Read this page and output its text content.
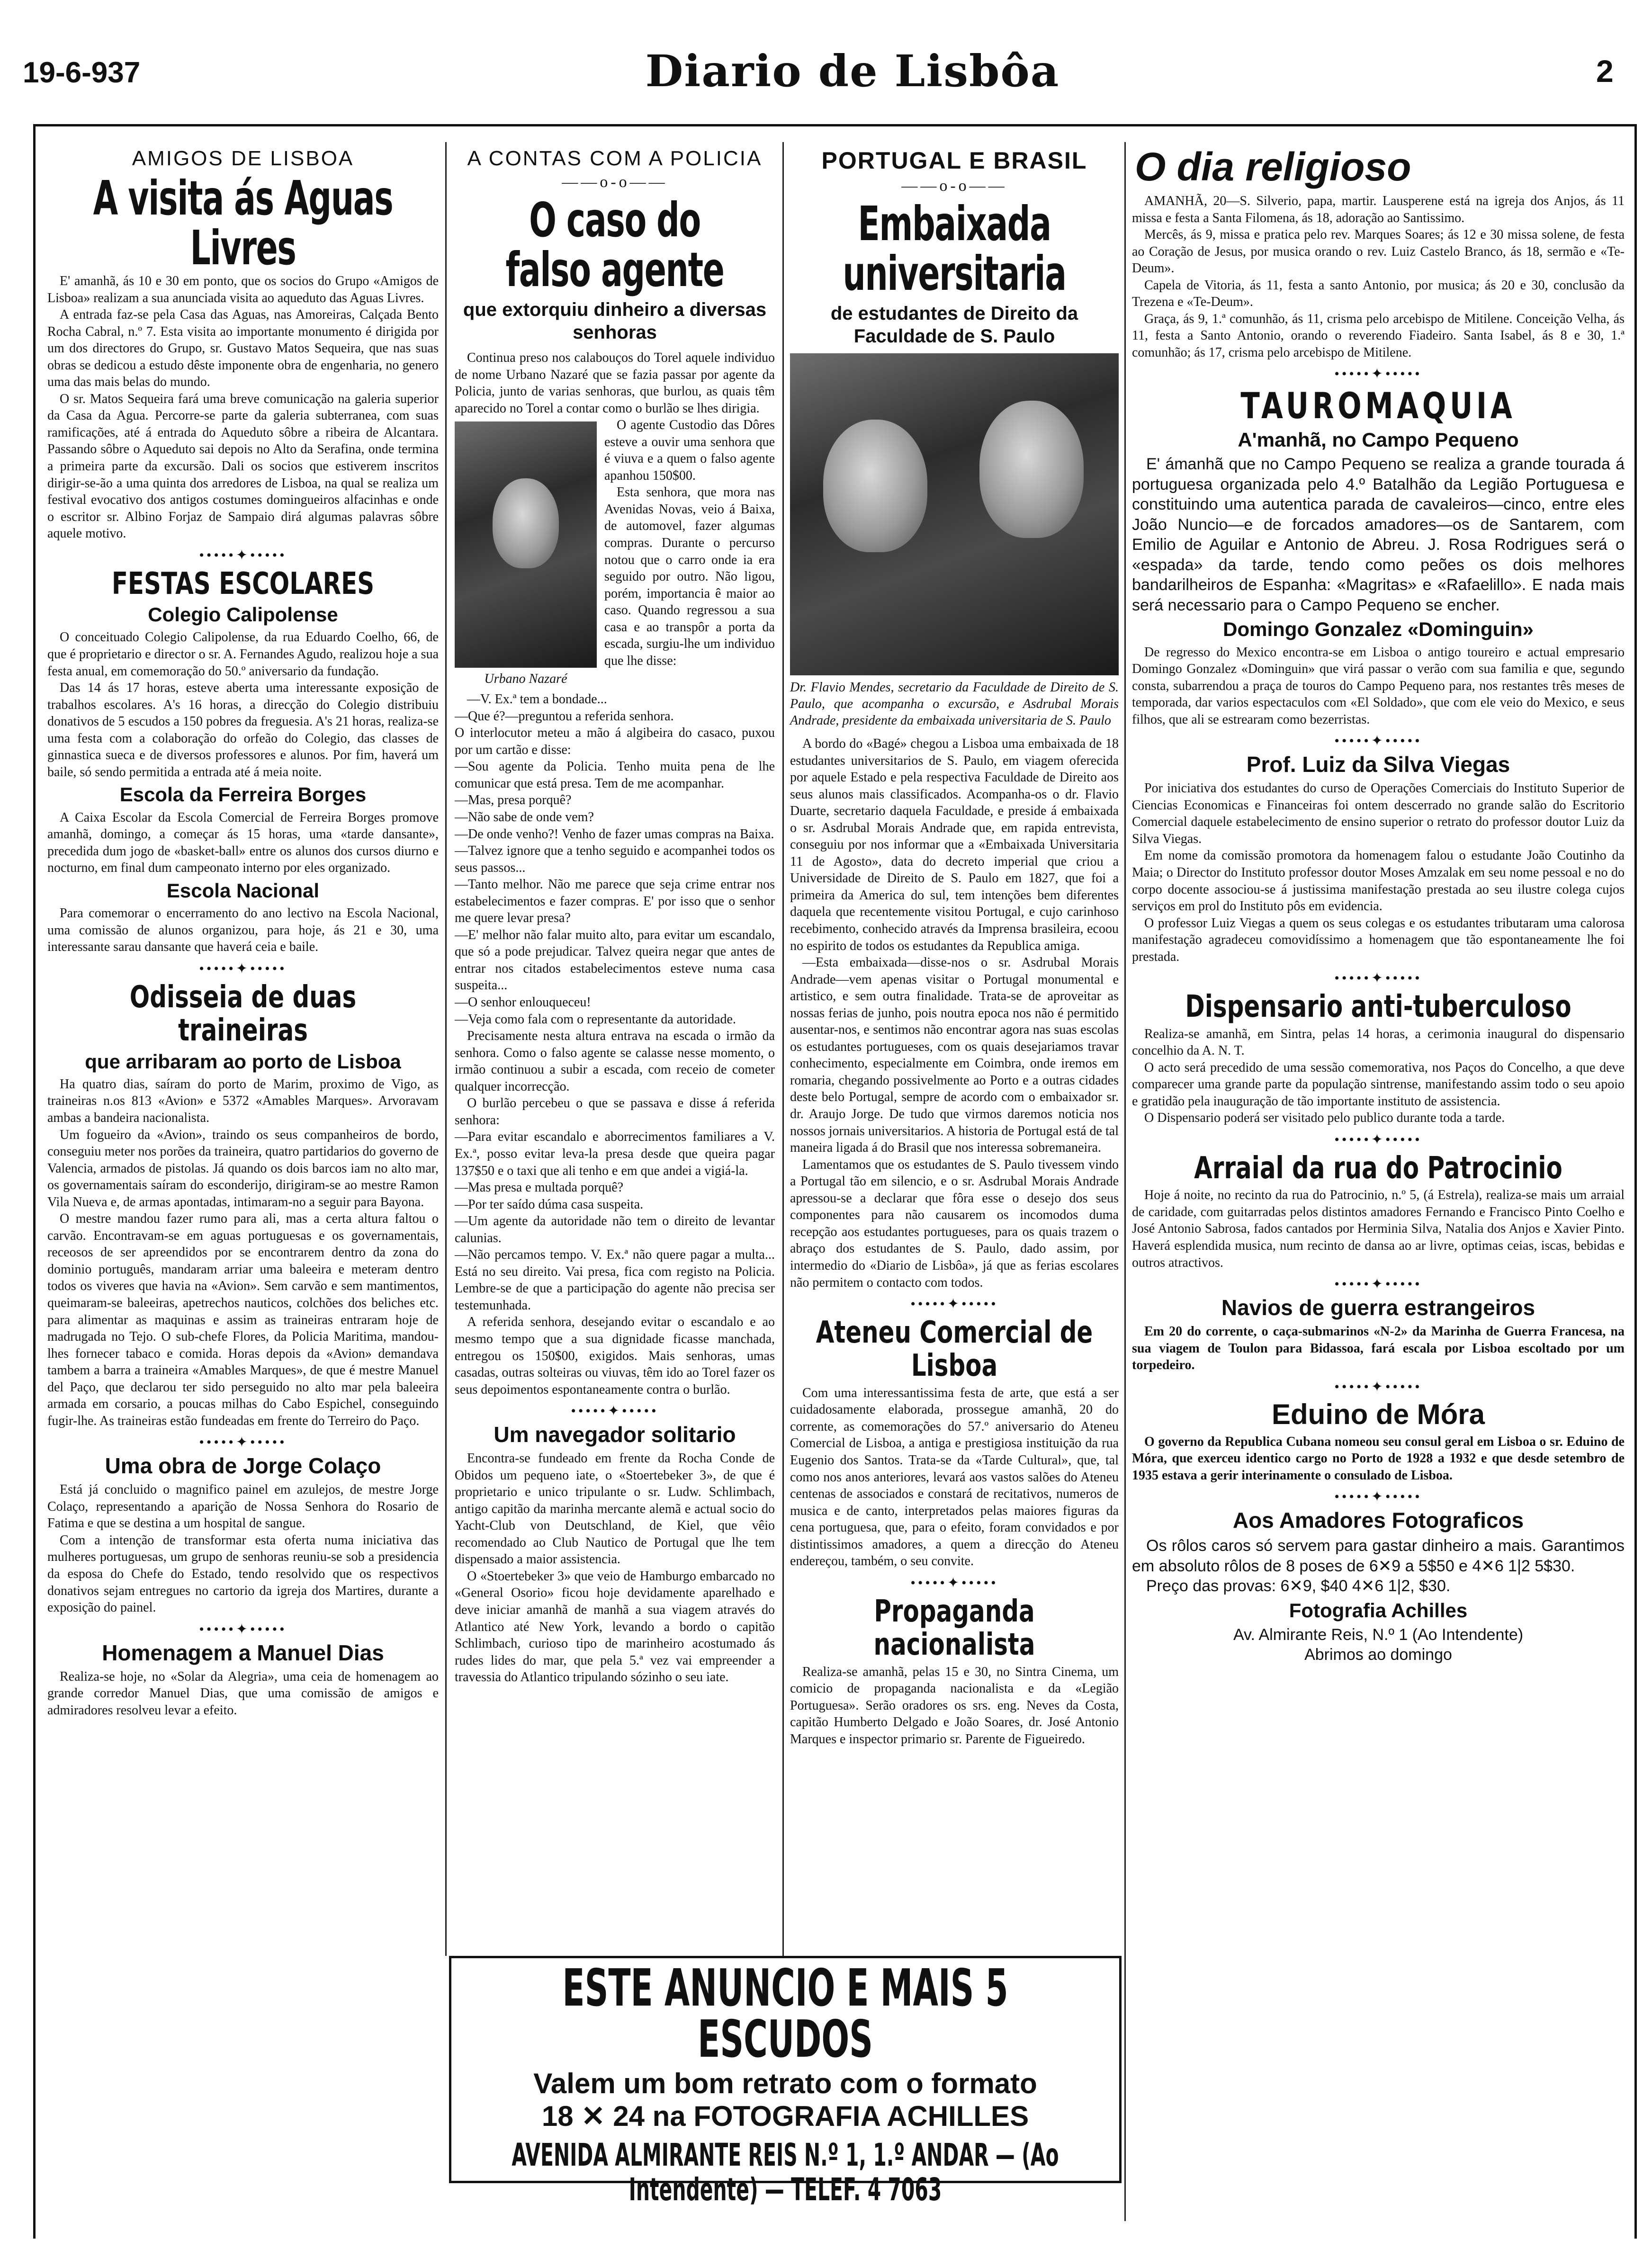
19-6-937	Diario de Lisbôa	2
AMIGOS DE LISBOA
A visita ás Aguas Livres

E' amanhã, ás 10 e 30 em ponto, que os socios do Grupo «Amigos de Lisboa» realizam a sua anunciada visita ao aqueduto das Aguas Livres.

A entrada faz-se pela Casa das Aguas, nas Amoreiras, Calçada Bento Rocha Cabral, n.º 7. Esta visita ao importante monumento é dirigida por um dos directores do Grupo, sr. Gustavo Matos Sequeira, que nas suas obras se dedicou a estudo dêste imponente obra de engenharia, no genero uma das mais belas do mundo.

O sr. Matos Sequeira fará uma breve comunicação na galeria superior da Casa da Agua. Percorre-se parte da galeria subterranea, com suas ramificações, até á entrada do Aqueduto sôbre a ribeira de Alcantara. Passando sôbre o Aqueduto sai depois no Alto da Serafina, onde termina a primeira parte da excursão. Dali os socios que estiverem inscritos dirigir-se-ão a uma quinta dos arredores de Lisboa, na qual se realiza um festival evocativo dos antigos costumes domingueiros alfacinhas e onde o escritor sr. Albino Forjaz de Sampaio dirá algumas palavras sôbre aquele motivo.

•••••✦•••••
FESTAS ESCOLARES
Colegio Calipolense

O conceituado Colegio Calipolense, da rua Eduardo Coelho, 66, de que é proprietario e director o sr. A. Fernandes Agudo, realizou hoje a sua festa anual, em comemoração do 50.º aniversario da fundação.

Das 14 ás 17 horas, esteve aberta uma interessante exposição de trabalhos escolares. A's 16 horas, a direcção do Colegio distribuiu donativos de 5 escudos a 150 pobres da freguesia. A's 21 horas, realiza-se uma festa com a colaboração do orfeão do Colegio, das classes de ginnastica sueca e de diversos professores e alunos. Por fim, haverá um baile, só sendo permitida a entrada até á meia noite.

Escola da Ferreira Borges

A Caixa Escolar da Escola Comercial de Ferreira Borges promove amanhã, domingo, a começar ás 15 horas, uma «tarde dansante», precedida dum jogo de «basket-ball» entre os alunos dos cursos diurno e nocturno, em final dum campeonato interno por eles organizado.

Escola Nacional

Para comemorar o encerramento do ano lectivo na Escola Nacional, uma comissão de alunos organizou, para hoje, ás 21 e 30, uma interessante sarau dansante que haverá ceia e baile.

•••••✦•••••
Odisseia de duas traineiras
que arribaram ao porto de Lisboa

Ha quatro dias, saíram do porto de Marim, proximo de Vigo, as traineiras n.os 813 «Avion» e 5372 «Amables Marques». Arvoravam ambas a bandeira nacionalista.

Um fogueiro da «Avion», traindo os seus companheiros de bordo, conseguiu meter nos porões da traineira, quatro partidarios do governo de Valencia, armados de pistolas. Já quando os dois barcos iam no alto mar, os governamentais saíram do esconderijo, dirigiram-se ao mestre Ramon Vila Nueva e, de armas apontadas, intimaram-no a seguir para Bayona.

O mestre mandou fazer rumo para ali, mas a certa altura faltou o carvão. Encontravam-se em aguas portuguesas e os governamentais, receosos de ser apreendidos por se encontrarem dentro da zona do dominio português, mandaram arriar uma baleeira e meteram dentro todos os viveres que havia na «Avion». Sem carvão e sem mantimentos, queimaram-se baleeiras, apetrechos nauticos, colchões dos beliches etc. para alimentar as maquinas e assim as traineiras entraram hoje de madrugada no Tejo. O sub-chefe Flores, da Policia Maritima, mandou-lhes fornecer tabaco e comida. Horas depois da «Avion» demandava tambem a barra a traineira «Amables Marques», de que é mestre Manuel del Paço, que declarou ter sido perseguido no alto mar pela baleeira armada em corsario, a poucas milhas do Cabo Espichel, conseguindo fugir-lhe. As traineiras estão fundeadas em frente do Terreiro do Paço.

•••••✦•••••
Uma obra de Jorge Colaço

Está já concluido o magnifico painel em azulejos, de mestre Jorge Colaço, representando a aparição de Nossa Senhora do Rosario de Fatima e que se destina a um hospital de sangue.

Com a intenção de transformar esta oferta numa iniciativa das mulheres portuguesas, um grupo de senhoras reuniu-se sob a presidencia da esposa do Chefe do Estado, tendo resolvido que os respectivos donativos sejam entregues no cartorio da igreja dos Martires, durante a exposição do painel.

•••••✦•••••
Homenagem a Manuel Dias

Realiza-se hoje, no «Solar da Alegria», uma ceia de homenagem ao grande corredor Manuel Dias, que uma comissão de amigos e admiradores resolveu levar a efeito.

A CONTAS COM A POLICIA
——o-o——
O caso do falso agente
que extorquiu dinheiro a diversas senhoras

Continua preso nos calabouços do Torel aquele individuo de nome Urbano Nazaré que se fazia passar por agente da Policia, junto de varias senhoras, que burlou, as quais têm aparecido no Torel a contar como o burlão se lhes dirigia.

Urbano Nazaré

O agente Custodio das Dôres esteve a ouvir uma senhora que é viuva e a quem o falso agente apanhou 150$00.

Esta senhora, que mora nas Avenidas Novas, veio á Baixa, de automovel, fazer algumas compras. Durante o percurso notou que o carro onde ia era seguido por outro. Não ligou, porém, importancia ê maior ao caso. Quando regressou a sua casa e ao transpôr a porta da escada, surgiu-lhe um individuo que lhe disse:

—V. Ex.ª tem a bondade...
—Que é?—preguntou a referida senhora.
O interlocutor meteu a mão á algibeira do casaco, puxou por um cartão e disse:
—Sou agente da Policia. Tenho muita pena de lhe comunicar que está presa. Tem de me acompanhar.
—Mas, presa porquê?
—Não sabe de onde vem?
—De onde venho?! Venho de fazer umas compras na Baixa.
—Talvez ignore que a tenho seguido e acompanhei todos os seus passos...
—Tanto melhor. Não me parece que seja crime entrar nos estabelecimentos e fazer compras. E' por isso que o senhor me quere levar presa?
—E' melhor não falar muito alto, para evitar um escandalo, que só a pode prejudicar. Talvez queira negar que antes de entrar nos citados estabelecimentos esteve numa casa suspeita...
—O senhor enlouqueceu!
—Veja como fala com o representante da autoridade.

Precisamente nesta altura entrava na escada o irmão da senhora. Como o falso agente se calasse nesse momento, o irmão continuou a subir a escada, com receio de cometer qualquer incorrecção.

O burlão percebeu o que se passava e disse á referida senhora:
—Para evitar escandalo e aborrecimentos familiares a V. Ex.ª, posso evitar leva-la presa desde que queira pagar 137$50 e o taxi que ali tenho e em que andei a vigiá-la.
—Mas presa e multada porquê?
—Por ter saído dúma casa suspeita.
—Um agente da autoridade não tem o direito de levantar calunias.
—Não percamos tempo. V. Ex.ª não quere pagar a multa... Está no seu direito. Vai presa, fica com registo na Policia. Lembre-se de que a participação do agente não precisa ser testemunhada.

A referida senhora, desejando evitar o escandalo e ao mesmo tempo que a sua dignidade ficasse manchada, entregou os 150$00, exigidos. Mais senhoras, umas casadas, outras solteiras ou viuvas, têm ido ao Torel fazer os seus depoimentos espontaneamente contra o burlão.

•••••✦•••••
Um navegador solitario

Encontra-se fundeado em frente da Rocha Conde de Obidos um pequeno iate, o «Stoertebeker 3», de que é proprietario e unico tripulante o sr. Ludw. Schlimbach, antigo capitão da marinha mercante alemã e actual socio do Yacht-Club von Deutschland, de Kiel, que vêio recomendado ao Club Nautico de Portugal que lhe tem dispensado a maior assistencia.

O «Stoertebeker 3» que veio de Hamburgo embarcado no «General Osorio» ficou hoje devidamente aparelhado e deve iniciar amanhã de manhã a sua viagem através do Atlantico até New York, levando a bordo o capitão Schlimbach, curioso tipo de marinheiro acostumado ás rudes lides do mar, que pela 5.ª vez vai empreender a travessia do Atlantico tripulando sózinho o seu iate.

PORTUGAL E BRASIL
——o-o——
Embaixada universitaria
de estudantes de Direito da Faculdade de S. Paulo
Dr. Flavio Mendes, secretario da Faculdade de Direito de S. Paulo, que acompanha o excursão, e Asdrubal Morais Andrade, presidente da embaixada universitaria de S. Paulo

A bordo do «Bagé» chegou a Lisboa uma embaixada de 18 estudantes universitarios de S. Paulo, em viagem oferecida por aquele Estado e pela respectiva Faculdade de Direito aos seus alunos mais classificados. Acompanha-os o dr. Flavio Duarte, secretario daquela Faculdade, e preside á embaixada o sr. Asdrubal Morais Andrade que, em rapida entrevista, conseguiu por nos informar que a «Embaixada Universitaria 11 de Agosto», data do decreto imperial que criou a Universidade de Direito de S. Paulo em 1827, que foi a primeira da America do sul, tem intenções bem diferentes daquela que recentemente visitou Portugal, e cujo carinhoso recebimento, conhecido através da Imprensa brasileira, ecoou no espirito de todos os estudantes da Republica amiga.

—Esta embaixada—disse-nos o sr. Asdrubal Morais Andrade—vem apenas visitar o Portugal monumental e artistico, e sem outra finalidade. Trata-se de aproveitar as nossas ferias de junho, pois noutra epoca nos não é permitido ausentar-nos, e sentimos não encontrar agora nas suas escolas os estudantes portugueses, com os quais desejariamos travar conhecimento, especialmente em Coimbra, onde iremos em romaria, chegando possivelmente ao Porto e a outras cidades deste belo Portugal, sempre de acordo com o embaixador sr. dr. Araujo Jorge. De tudo que virmos daremos noticia nos nossos jornais universitarios. A historia de Portugal está de tal maneira ligada á do Brasil que nos interessa sobremaneira.

Lamentamos que os estudantes de S. Paulo tivessem vindo a Portugal tão em silencio, e o sr. Asdrubal Morais Andrade apressou-se a declarar que fôra esse o desejo dos seus componentes para não causarem os incomodos duma recepção aos estudantes portugueses, para os quais trazem o abraço dos estudantes de S. Paulo, dado assim, por intermedio do «Diario de Lisbôa», já que as ferias escolares não permitem o contacto com todos.

•••••✦•••••
Ateneu Comercial de Lisboa

Com uma interessantissima festa de arte, que está a ser cuidadosamente elaborada, prossegue amanhã, 20 do corrente, as comemorações do 57.º aniversario do Ateneu Comercial de Lisboa, a antiga e prestigiosa instituição da rua Eugenio dos Santos. Trata-se da «Tarde Cultural», que, tal como nos anos anteriores, levará aos vastos salões do Ateneu centenas de associados e constará de recitativos, numeros de musica e de canto, interpretados pelas maiores figuras da cena portuguesa, que, para o efeito, foram convidados e por distintissimos amadores, a quem a direcção do Ateneu endereçou, também, o seu convite.

•••••✦•••••
Propaganda nacionalista

Realiza-se amanhã, pelas 15 e 30, no Sintra Cinema, um comicio de propaganda nacionalista e da «Legião Portuguesa». Serão oradores os srs. eng. Neves da Costa, capitão Humberto Delgado e João Soares, dr. José Antonio Marques e inspector primario sr. Parente de Figueiredo.

O dia religioso

AMANHÃ, 20—S. Silverio, papa, martir. Lausperene está na igreja dos Anjos, ás 11 missa e festa a Santa Filomena, ás 18, adoração ao Santissimo.

Mercês, ás 9, missa e pratica pelo rev. Marques Soares; ás 12 e 30 missa solene, de festa ao Coração de Jesus, por musica orando o rev. Luiz Castelo Branco, ás 18, sermão e «Te-Deum».

Capela de Vitoria, ás 11, festa a santo Antonio, por musica; ás 20 e 30, conclusão da Trezena e «Te-Deum».

Graça, ás 9, 1.ª comunhão, ás 11, crisma pelo arcebispo de Mitilene. Conceição Velha, ás 11, festa a Santo Antonio, orando o reverendo Fiadeiro. Santa Isabel, ás 8 e 30, 1.ª comunhão; ás 17, crisma pelo arcebispo de Mitilene.

•••••✦•••••
TAUROMAQUIA
A'manhã, no Campo Pequeno

E' ámanhã que no Campo Pequeno se realiza a grande tourada á portuguesa organizada pelo 4.º Batalhão da Legião Portuguesa e constituindo uma autentica parada de cavaleiros—cinco, entre eles João Nuncio—e de forcados amadores—os de Santarem, com Emilio de Aguilar e Antonio de Abreu. J. Rosa Rodrigues será o «espada» da tarde, tendo como peões os dois melhores bandarilheiros de Espanha: «Magritas» e «Rafaelillo». E nada mais será necessario para o Campo Pequeno se encher.

Domingo Gonzalez «Dominguin»

De regresso do Mexico encontra-se em Lisboa o antigo toureiro e actual empresario Domingo Gonzalez «Dominguin» que virá passar o verão com sua familia e que, segundo consta, subarrendou a praça de touros do Campo Pequeno para, nos restantes três meses de temporada, dar varios espectaculos com «El Soldado», que com ele veio do Mexico, e seus filhos, que ali se estrearam como bezerristas.

•••••✦•••••
Prof. Luiz da Silva Viegas

Por iniciativa dos estudantes do curso de Operações Comerciais do Instituto Superior de Ciencias Economicas e Financeiras foi ontem descerrado no grande salão do Escritorio Comercial daquele estabelecimento de ensino superior o retrato do professor doutor Luiz da Silva Viegas.

Em nome da comissão promotora da homenagem falou o estudante João Coutinho da Maia; o Director do Instituto professor doutor Moses Amzalak em seu nome pessoal e no do corpo docente associou-se á justissima manifestação prestada ao seu ilustre colega cujos serviços em prol do Instituto pôs em evidencia.

O professor Luiz Viegas a quem os seus colegas e os estudantes tributaram uma calorosa manifestação agradeceu comovidíssimo a homenagem que tão espontaneamente lhe foi prestada.

•••••✦•••••
Dispensario anti-tuberculoso

Realiza-se amanhã, em Sintra, pelas 14 horas, a cerimonia inaugural do dispensario concelhio da A. N. T.

O acto será precedido de uma sessão comemorativa, nos Paços do Concelho, a que deve comparecer uma grande parte da população sintrense, manifestando assim todo o seu apoio e gratidão pela inauguração de tão importante instituto de assistencia.

O Dispensario poderá ser visitado pelo publico durante toda a tarde.

•••••✦•••••
Arraial da rua do Patrocinio

Hoje á noite, no recinto da rua do Patrocinio, n.º 5, (á Estrela), realiza-se mais um arraial de caridade, com guitarradas pelos distintos amadores Fernando e Francisco Pinto Coelho e José Antonio Sabrosa, fados cantados por Herminia Silva, Natalia dos Anjos e Xavier Pinto. Haverá esplendida musica, num recinto de dansa ao ar livre, optimas ceias, iscas, bebidas e outros atractivos.

•••••✦•••••
Navios de guerra estrangeiros

Em 20 do corrente, o caça-submarinos «N-2» da Marinha de Guerra Francesa, na sua viagem de Toulon para Bidassoa, fará escala por Lisboa escoltado por um torpedeiro.

•••••✦•••••
Eduino de Móra

O governo da Republica Cubana nomeou seu consul geral em Lisboa o sr. Eduino de Móra, que exerceu identico cargo no Porto de 1928 a 1932 e que desde setembro de 1935 estava a gerir interinamente o consulado de Lisboa.

•••••✦•••••
Aos Amadores Fotograficos

Os rôlos caros só servem para gastar dinheiro a mais. Garantimos em absoluto rôlos de 8 poses de 6✕9 a 5$50 e 4✕6 1|2 5$30.

Preço das provas: 6✕9, $40 4✕6 1|2, $30.

Fotografia Achilles
Av. Almirante Reis, N.º 1 (Ao Intendente)
Abrimos ao domingo
ESTE ANUNCIO E MAIS 5 ESCUDOS
Valem um bom retrato com o formato
18 ✕ 24 na FOTOGRAFIA ACHILLES
AVENIDA ALMIRANTE REIS N.º 1, 1.º ANDAR — (Ao Intendente) — TELEF. 4 7063
